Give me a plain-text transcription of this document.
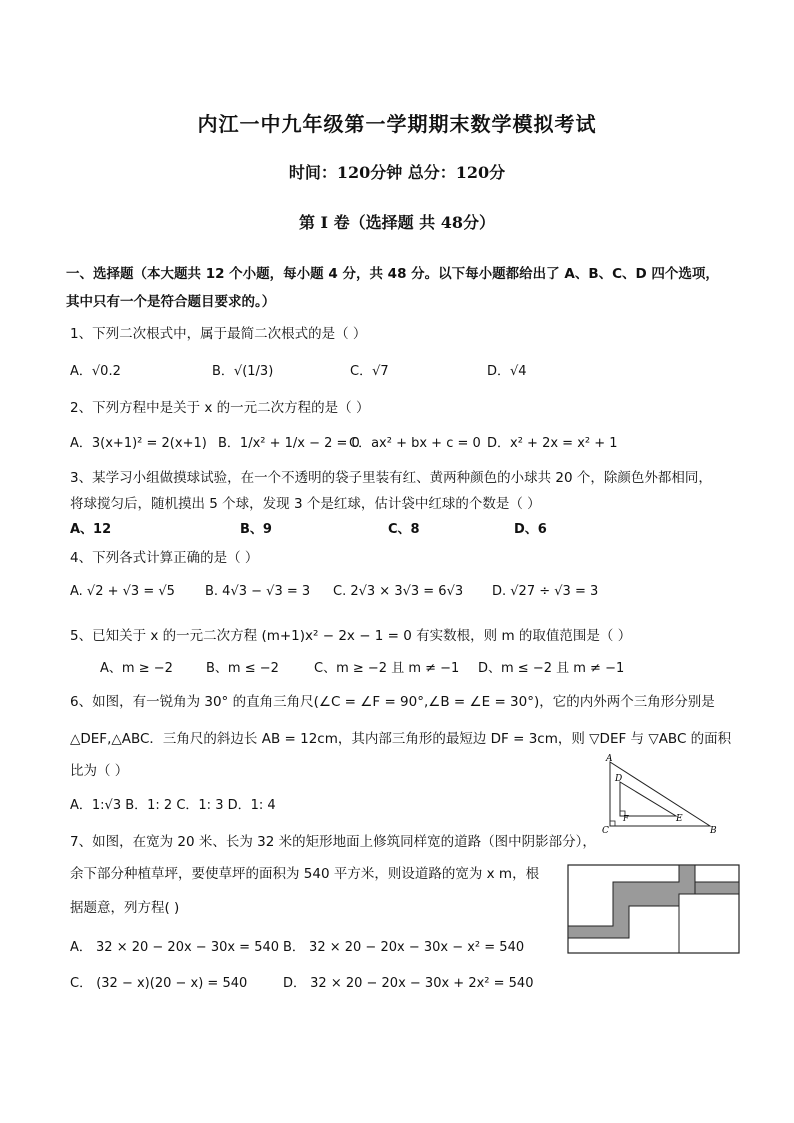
内江一中九年级第一学期期末数学模拟考试
时间：120分钟 总分：120分
第 I 卷（选择题 共 48分）
一、选择题（本大题共 12 个小题，每小题 4 分，共 48 分。以下每小题都给出了 A、B、C、D 四个选项，
其中只有一个是符合题目要求的。）
1、下列二次根式中，属于最简二次根式的是（ ）
A．√0.2	B．√(1/3)	C．√7	D．√4
2、下列方程中是关于 x 的一元二次方程的是（ ）
A．3(x+1)² = 2(x+1) B．1/x² + 1/x − 2 = 0
C．ax² + bx + c = 0 D．x² + 2x = x² + 1
3、某学习小组做摸球试验，在一个不透明的袋子里装有红、黄两种颜色的小球共 20 个，除颜色外都相同，
将球搅匀后，随机摸出 5 个球，发现 3 个是红球，估计袋中红球的个数是（ ）
A、12	B、9	C、8	D、6
4、下列各式计算正确的是（ ）
A. √2 + √3 = √5 B. 4√3 − √3 = 3 C. 2√3 × 3√3 = 6√3 D. √27 ÷ √3 = 3
5、已知关于 x 的一元二次方程 (m+1)x² − 2x − 1 = 0 有实数根，则 m 的取值范围是（ ）
A、m ≥ −2	B、m ≤ −2	C、m ≥ −2 且 m ≠ −1 D、m ≤ −2 且 m ≠ −1
6、如图，有一锐角为 30° 的直角三角尺(∠C = ∠F = 90°,∠B = ∠E = 30°)，它的内外两个三角形分别是
△DEF,△ABC．三角尺的斜边长 AB = 12cm，其内部三角形的最短边 DF = 3cm，则 ▽DEF 与 ▽ABC 的面积
比为（ ）
A．1:√3 B．1: 2 C．1: 3 D．1: 4
A
B
C
D
E
F
7、如图，在宽为 20 米、长为 32 米的矩形地面上修筑同样宽的道路（图中阴影部分），
余下部分种植草坪，要使草坪的面积为 540 平方米，则设道路的宽为 x m，根
据题意，列方程( )
A． 32 × 20 − 20x − 30x = 540 B． 32 × 20 − 20x − 30x − x² = 540
C． (32 − x)(20 − x) = 540	D． 32 × 20 − 20x − 30x + 2x² = 540
